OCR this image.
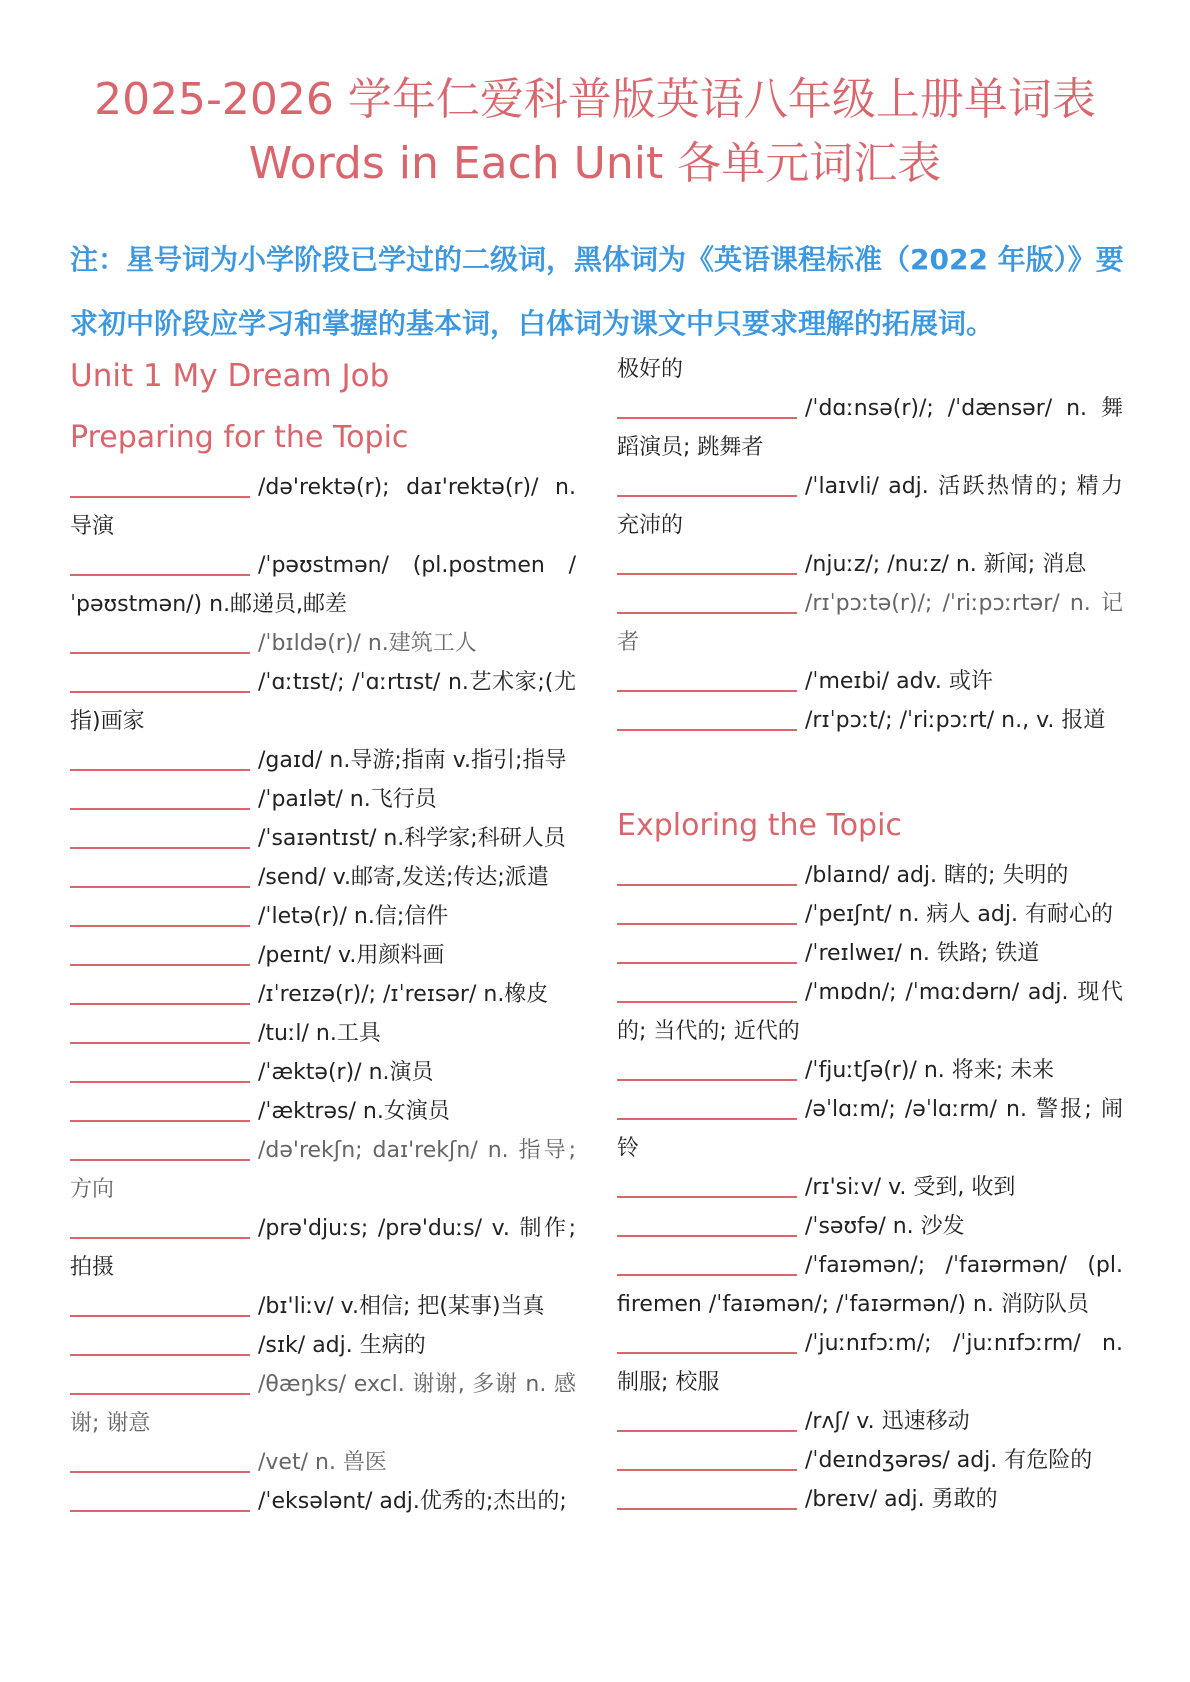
2025-2026 学年仁爱科普版英语八年级上册单词表
Words in Each Unit 各单元词汇表
注：星号词为小学阶段已学过的二级词，黑体词为《英语课程标准（2022 年版）》要求初中阶段应学习和掌握的基本词，白体词为课文中只要求理解的拓展词。
Unit 1 My Dream Job
Preparing for the Topic
/də'rektə(r); daɪ'rektə(r)/ n.导演
/ˈpəʊstmən/ (pl.postmen /ˈpəʊstmən/) n.邮递员,邮差
/ˈbɪldə(r)/ n.建筑工人
/ˈɑːtɪst/; /ˈɑːrtɪst/ n.艺术家;(尤指)画家
/gaɪd/ n.导游;指南 v.指引;指导
/ˈpaɪlət/ n.飞行员
/ˈsaɪəntɪst/ n.科学家;科研人员
/send/ v.邮寄,发送;传达;派遣
/ˈletə(r)/ n.信;信件
/peɪnt/ v.用颜料画
/ɪˈreɪzə(r)/; /ɪˈreɪsər/ n.橡皮
/tuːl/ n.工具
/ˈæktə(r)/ n.演员
/ˈæktrəs/ n.女演员
/də'rekʃn; daɪ'rekʃn/ n. 指导; 方向
/prə'djuːs; /prə'duːs/ v. 制作; 拍摄
/bɪ'liːv/ v.相信; 把(某事)当真
/sɪk/ adj. 生病的
/θæŋks/ excl. 谢谢, 多谢 n. 感谢; 谢意
/vet/ n. 兽医
/ˈeksələnt/ adj.优秀的;杰出的;
极好的
/ˈdɑːnsə(r)/; /ˈdænsər/ n. 舞蹈演员; 跳舞者
/ˈlaɪvli/ adj. 活跃热情的; 精力充沛的
/njuːz/; /nuːz/ n. 新闻; 消息
/rɪˈpɔːtə(r)/; /ˈriːpɔːrtər/ n. 记者
/ˈmeɪbi/ adv. 或许
/rɪˈpɔːt/; /ˈriːpɔːrt/ n., v. 报道
Exploring the Topic
/blaɪnd/ adj. 瞎的; 失明的
/ˈpeɪʃnt/ n. 病人 adj. 有耐心的
/ˈreɪlweɪ/ n. 铁路; 铁道
/ˈmɒdn/; /ˈmɑːdərn/ adj. 现代的; 当代的; 近代的
/ˈfjuːtʃə(r)/ n. 将来; 未来
/əˈlɑːm/; /əˈlɑːrm/ n. 警报; 闹铃
/rɪ'siːv/ v. 受到, 收到
/ˈsəʊfə/ n. 沙发
/ˈfaɪəmən/; /ˈfaɪərmən/ (pl. firemen /ˈfaɪəmən/; /ˈfaɪərmən/) n. 消防队员
/ˈjuːnɪfɔːm/; /ˈjuːnɪfɔːrm/ n. 制服; 校服
/rʌʃ/ v. 迅速移动
/ˈdeɪndʒərəs/ adj. 有危险的
/breɪv/ adj. 勇敢的
